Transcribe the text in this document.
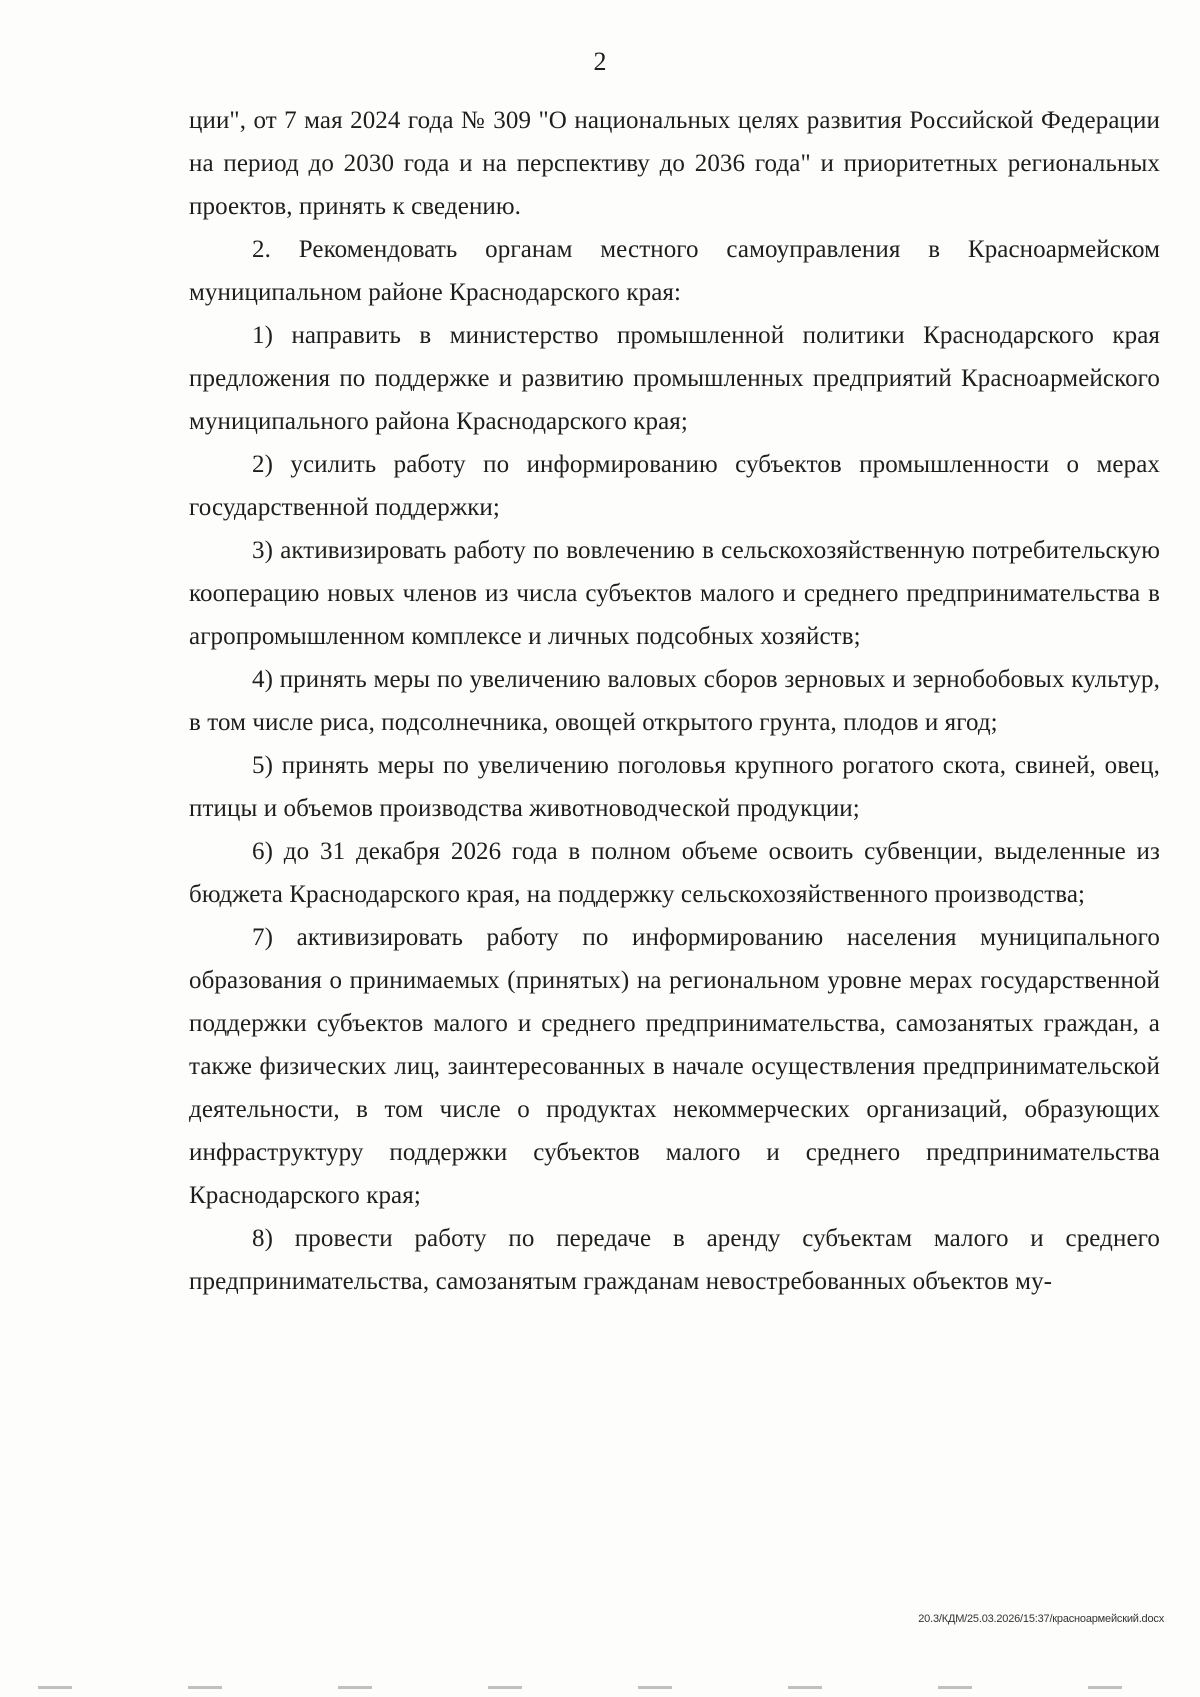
2

ции", от 7 мая 2024 года № 309 "О национальных целях развития Российской Федерации на период до 2030 года и на перспективу до 2036 года" и приоритетных региональных проектов, принять к сведению.

2. Рекомендовать органам местного самоуправления в Красноармейском муниципальном районе Краснодарского края:

1) направить в министерство промышленной политики Краснодарского края предложения по поддержке и развитию промышленных предприятий Красноармейского муниципального района Краснодарского края;

2) усилить работу по информированию субъектов промышленности о мерах государственной поддержки;

3) активизировать работу по вовлечению в сельскохозяйственную потребительскую кооперацию новых членов из числа субъектов малого и среднего предпринимательства в агропромышленном комплексе и личных подсобных хозяйств;

4) принять меры по увеличению валовых сборов зерновых и зернобобовых культур, в том числе риса, подсолнечника, овощей открытого грунта, плодов и ягод;

5) принять меры по увеличению поголовья крупного рогатого скота, свиней, овец, птицы и объемов производства животноводческой продукции;

6) до 31 декабря 2026 года в полном объеме освоить субвенции, выделенные из бюджета Краснодарского края, на поддержку сельскохозяйственного производства;

7) активизировать работу по информированию населения муниципального образования о принимаемых (принятых) на региональном уровне мерах государственной поддержки субъектов малого и среднего предпринимательства, самозанятых граждан, а также физических лиц, заинтересованных в начале осуществления предпринимательской деятельности, в том числе о продуктах некоммерческих организаций, образующих инфраструктуру поддержки субъектов малого и среднего предпринимательства Краснодарского края;

8) провести работу по передаче в аренду субъектам малого и среднего предпринимательства, самозанятым гражданам невостребованных объектов му-

20.3/КДМ/25.03.2026/15:37/красноармейский.docx
